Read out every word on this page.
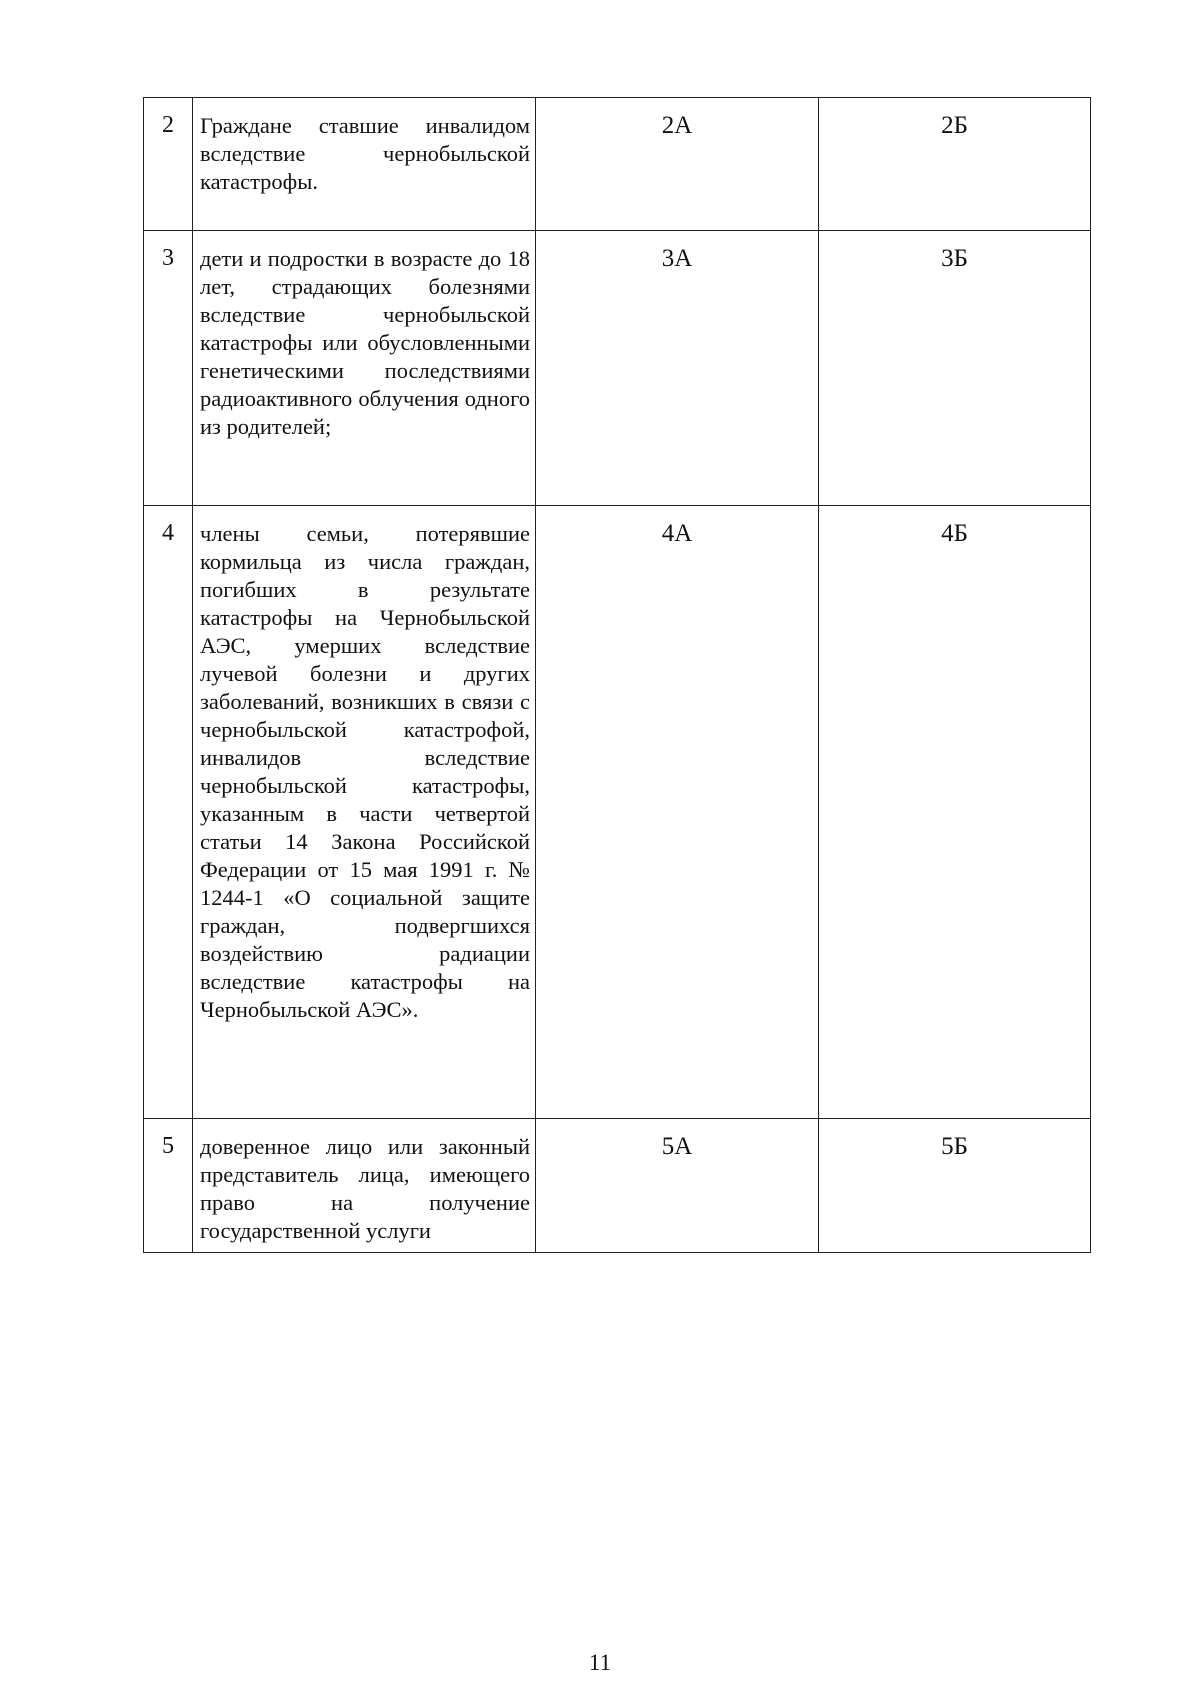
2	Граждане ставшие инвалидом вследствие чернобыльской катастрофы.	2А	2Б
3	дети и подростки в возрасте до 18 лет, страдающих болезнями вследствие чернобыльской катастрофы или обусловленными генетическими последствиями радиоактивного облучения одного из родителей;	3А	3Б
4	члены семьи, потерявшие кормильца из числа граждан, погибших в результате катастрофы на Чернобыльской АЭС, умерших вследствие лучевой болезни и других заболеваний, возникших в связи с чернобыльской катастрофой, инвалидов вследствие чернобыльской катастрофы, указанным в части четвертой статьи 14 Закона Российской Федерации от 15 мая 1991 г. № 1244-1 «О социальной защите граждан, подвергшихся воздействию радиации вследствие катастрофы на Чернобыльской АЭС».	4А	4Б
5	доверенное лицо или законный представитель лица, имеющего право на получение государственной услуги	5А	5Б
11
